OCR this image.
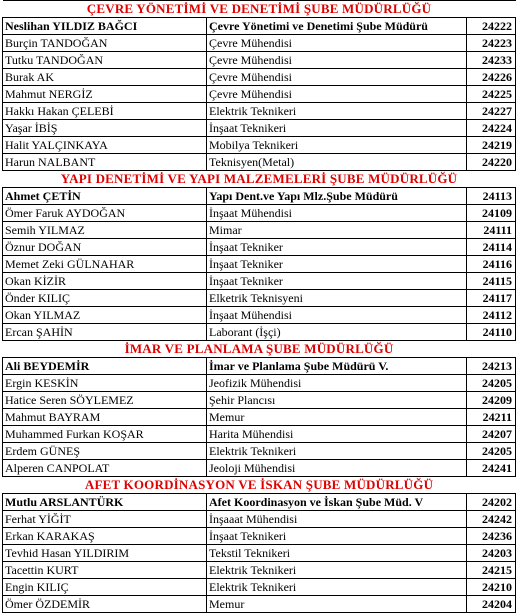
ÇEVRE YÖNETİMİ VE DENETİMİ ŞUBE MÜDÜRLÜĞÜ		
Neslihan YILDIZ BAĞCI	Çevre Yönetimi ve Denetimi Şube Müdürü	24222
Burçin TANDOĞAN	Çevre Mühendisi	24223
Tutku TANDOĞAN	Çevre Mühendisi	24233
Burak AK	Çevre Mühendisi	24226
Mahmut NERGİZ	Çevre Mühendisi	24225
Hakkı Hakan ÇELEBİ	Elektrik Teknikeri	24227
Yaşar İBİŞ	İnşaat Teknikeri	24224
Halit YALÇINKAYA	Mobilya Teknikeri	24219
Harun NALBANT	Teknisyen(Metal)	24220
YAPI DENETİMİ VE YAPI MALZEMELERİ ŞUBE MÜDÜRLÜĞÜ		
Ahmet ÇETİN	Yapı Dent.ve Yapı Mlz.Şube Müdürü	24113
Ömer Faruk AYDOĞAN	İnşaat Mühendisi	24109
Semih YILMAZ	Mimar	24111
Öznur DOĞAN	İnşaat Tekniker	24114
Memet Zeki GÜLNAHAR	İnşaat Tekniker	24116
Okan KİZİR	İnşaat Tekniker	24115
Önder KILIÇ	Elketrik Teknisyeni	24117
Okan YILMAZ	İnşaat Mühendisi	24112
Ercan ŞAHİN	Laborant (İşçi)	24110
İMAR VE PLANLAMA ŞUBE MÜDÜRLÜĞÜ		
Ali BEYDEMİR	İmar ve Planlama Şube Müdürü V.	24213
Ergin KESKİN	Jeofizik Mühendisi	24205
Hatice Seren SÖYLEMEZ	Şehir Plancısı	24209
Mahmut BAYRAM	Memur	24211
Muhammed Furkan KOŞAR	Harita Mühendisi	24207
Erdem GÜNEŞ	Elektrik Teknikeri	24205
Alperen CANPOLAT	Jeoloji Mühendisi	24241
AFET KOORDİNASYON VE İSKAN ŞUBE MÜDÜRLÜĞÜ		
Mutlu ARSLANTÜRK	Afet Koordinasyon ve İskan Şube Müd. V	24202
Ferhat YİĞİT	İnşaaat Mühendisi	24242
Erkan KARAKAŞ	İnşaat Teknikeri	24236
Tevhid Hasan YILDIRIM	Tekstil Teknikeri	24203
Tacettin KURT	Elektrik Teknikeri	24215
Engin KILIÇ	Elektrik Teknikeri	24210
Ömer ÖZDEMİR	Memur	24204
